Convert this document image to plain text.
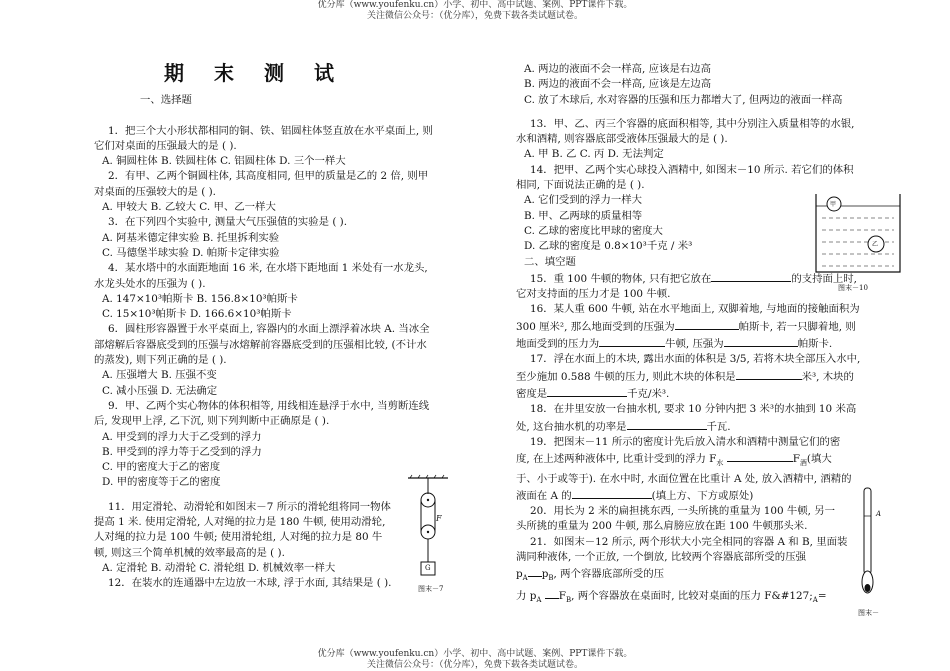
优分库（www.youfenku.cn）小学、初中、高中试题、案例、PPT课件下载。
关注微信公众号：（优分库），免费下载各类试题试卷。

期末测试

一、选择题

1．把三个大小形状都相同的铜、铁、铝圆柱体竖直放在水平桌面上, 则它们对桌面的压强最大的是 ( ).

A. 铜圆柱体 B. 铁圆柱体 C. 铝圆柱体 D. 三个一样大

2．有甲、乙两个铜圆柱体, 其高度相同, 但甲的质量是乙的 2 倍, 则甲对桌面的压强较大的是 ( ).

A. 甲较大 B. 乙较大 C. 甲、乙一样大

3．在下列四个实验中, 测量大气压强值的实验是 ( ).

A. 阿基米德定律实验 B. 托里拆利实验

C. 马德堡半球实验 D. 帕斯卡定律实验

4．某水塔中的水面距地面 16 米, 在水塔下距地面 1 米处有一水龙头, 水龙头处水的压强为 ( ).

A. 147×10³帕斯卡 B. 156.8×10³帕斯卡

C. 15×10³帕斯卡 D. 166.6×10³帕斯卡

6．圆柱形容器置于水平桌面上, 容器内的水面上漂浮着冰块 A. 当冰全部熔解后容器底受到的压强与冰熔解前容器底受到的压强相比较, (不计水的蒸发), 则下列正确的是 ( ).

A. 压强增大 B. 压强不变

C. 减小压强 D. 无法确定

9．甲、乙两个实心物体的体积相等, 用线相连悬浮于水中, 当剪断连线后, 发现甲上浮, 乙下沉, 则下列判断中正确原是 ( ).

A. 甲受到的浮力大于乙受到的浮力

B. 甲受到的浮力等于乙受到的浮力

C. 甲的密度大于乙的密度

D. 甲的密度等于乙的密度

11．用定滑轮、动滑轮和如图末－7 所示的滑轮组将同一物体提高 1 米. 使用定滑轮, 人对绳的拉力是 180 牛顿, 使用动滑轮, 人对绳的拉力是 100 牛顿; 使用滑轮组, 人对绳的拉力是 80 牛顿, 则这三个简单机械的效率最高的是 ( ).

A. 定滑轮 B. 动滑轮 C. 滑轮组 D. 机械效率一样大

12．在装水的连通器中左边放一木球, 浮于水面, 其结果是 ( ).

F
G
图末－7

A. 两边的液面不会一样高, 应该是右边高

B. 两边的液面不会一样高, 应该是左边高

C. 放了木球后, 水对容器的压强和压力都增大了, 但两边的液面一样高

13．甲、乙、丙三个容器的底面积相等, 其中分别注入质量相等的水银, 水和酒精, 则容器底部受液体压强最大的是 ( ).

A. 甲 B. 乙 C. 丙 D. 无法判定

14．把甲、乙两个实心球投入酒精中, 如图末－10 所示. 若它们的体积相同, 下面说法正确的是 ( ).

A. 它们受到的浮力一样大

B. 甲、乙两球的质量相等

C. 乙球的密度比甲球的密度大

D. 乙球的密度是 0.8×10³千克 / 米³

二、填空题

15．重 100 牛顿的物体, 只有把它放在	的支持面上时, 它对支持面的压力才是 100 牛顿.

16．某人重 600 牛顿, 站在水平地面上, 双脚着地, 与地面的接触面积为 300 厘米², 那么地面受到的压强为	帕斯卡, 若一只脚着地, 则地面受到的压力为	牛顿, 压强为	帕斯卡.

17．浮在水面上的木块, 露出水面的体积是 3/5, 若将木块全部压入水中, 至少施加 0.588 牛顿的压力, 则此木块的体积是	米³, 木块的密度是	千克/米³.

18．在井里安放一台抽水机, 要求 10 分钟内把 3 米³的水抽到 10 米高处, 这台抽水机的功率是	千瓦.

19．把图末－11 所示的密度计先后放入清水和酒精中测量它们的密度, 在上述两种液体中, 比重计受到的浮力 $F_水$	$F_酒$(填大于、小于或等于). 在水中时, 水面位置在比重计 A 处, 放入酒精中, 酒精的液面在 A 的	(填上方、下方或原处)

20．用长为 2 米的扁担挑东西, 一头所挑的重量为 100 牛顿, 另一头所挑的重量为 200 牛顿, 那么肩膀应放在距 100 牛顿那头米.

21．如图末－12 所示, 两个形状大小完全相同的容器 A 和 B, 里面装满同种液体, 一个正放, 一个倒放, 比较两个容器底部所受的压强
$p_A$ $p_B$, 两个容器底部所受的压
力 $p_A$ $F_B$, 两个容器放在桌面时, 比较对桌面的压力 $F\&\#127;_A=$

甲
乙
图末－10
A
图末－
优分库（www.youfenku.cn）小学、初中、高中试题、案例、PPT课件下载。
关注微信公众号：（优分库），免费下载各类试题试卷。
